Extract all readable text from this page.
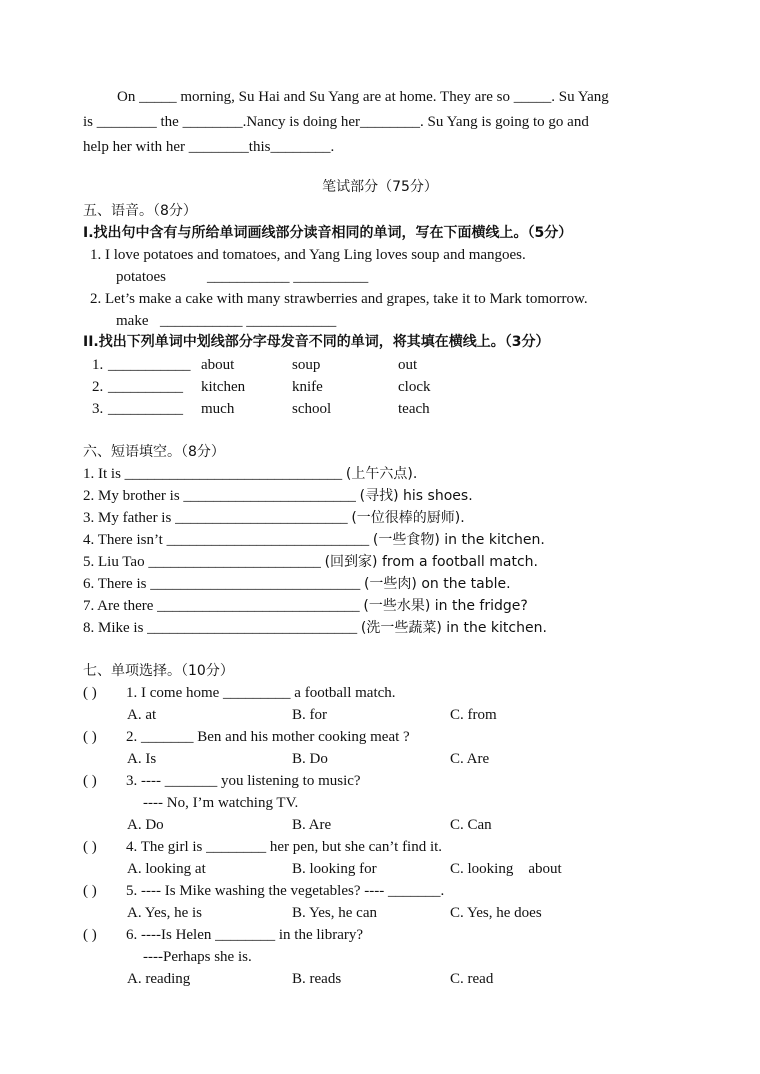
On _____ morning, Su Hai and Su Yang are at home. They are so _____. Su Yang
is ________ the ________.Nancy is doing her________. Su Yang is going to go and
help her with her ________this________.
笔试部分（75分）
五、语音。（8分）
I.找出句中含有与所给单词画线部分读音相同的单词，写在下面横线上。（5分）
1. I love potatoes and tomatoes, and Yang Ling loves soup and mangoes.
potatoes	___________ __________
2. Let’s make a cake with many strawberries and grapes, take it to Mark tomorrow.
make ___________ ____________
II.找出下列单词中划线部分字母发音不同的单词，将其填在横线上。（3分）
1. ___________ about	soup	out
2. __________ kitchen	knife	clock
3. __________ much	school	teach
六、短语填空。（8分）
1. It is _____________________________ (上午六点).
2. My brother is _______________________ (寻找) his shoes.
3. My father is _______________________ (一位很棒的厨师).
4. There isn’t ___________________________ (一些食物) in the kitchen.
5. Liu Tao _______________________ (回到家) from a football match.
6. There is ____________________________ (一些肉) on the table.
7. Are there ___________________________ (一些水果) in the fridge?
8. Mike is ____________________________ (洗一些蔬菜) in the kitchen.
七、单项选择。（10分）
( ) 1. I come home _________ a football match.
A. at	B. for	C. from
( ) 2. _______ Ben and his mother cooking meat ?
A. Is	B. Do	C. Are
( ) 3. ---- _______ you listening to music?
---- No, I’m watching TV.
A. Do	B. Are	C. Can
( ) 4. The girl is ________ her pen, but she can’t find it.
A. looking at	B. looking for	C. looking    about
( ) 5. ---- Is Mike washing the vegetables? ---- _______.
A. Yes, he is	B. Yes, he can	C. Yes, he does
( ) 6. ----Is Helen ________ in the library?
----Perhaps she is.
A. reading	B. reads	C. read
